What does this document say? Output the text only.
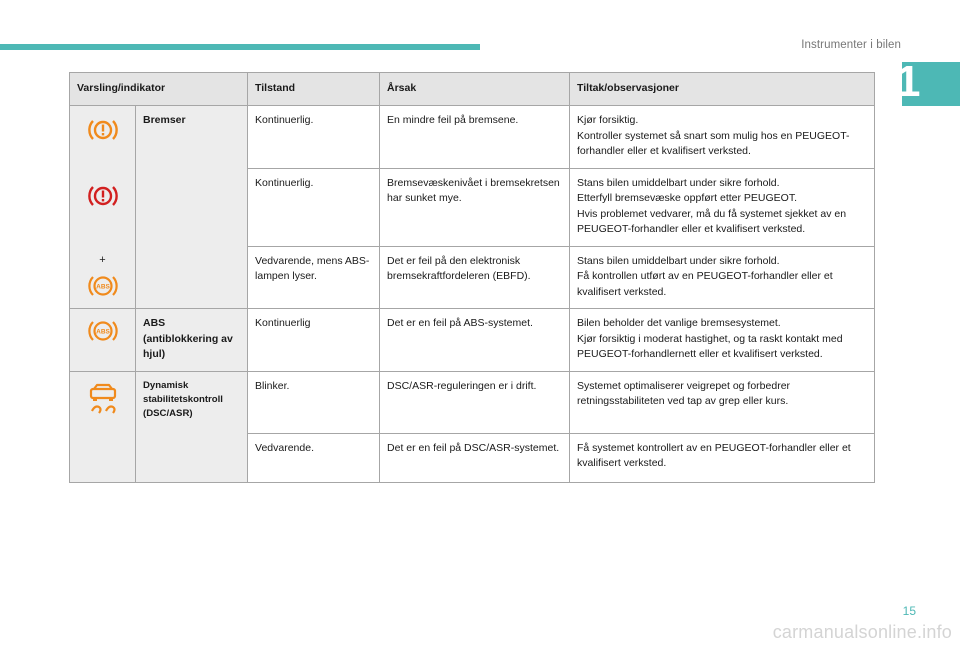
Instrumenter i bilen
1
Varsling/indikator		Tilstand	Årsak	Tiltak/observasjoner

+
ABS	Bremser	Kontinuerlig.	En mindre feil på bremsene.	Kjør forsiktig.
Kontroller systemet så snart som mulig hos en PEUGEOT-forhandler eller et kvalifisert verksted.
		Kontinuerlig.	Bremsevæskenivået i bremsekretsen har sunket mye.	Stans bilen umiddelbart under sikre forhold.
Etterfyll bremsevæske oppført etter PEUGEOT.
Hvis problemet vedvarer, må du få systemet sjekket av en PEUGEOT-forhandler eller et kvalifisert verksted.
		Vedvarende, mens ABS-lampen lyser.	Det er feil på den elektronisk bremsekraftfordeleren (EBFD).	Stans bilen umiddelbart under sikre forhold.
Få kontrollen utført av en PEUGEOT-forhandler eller et kvalifisert verksted.

ABS	ABS (antiblokkering av hjul)	Kontinuerlig	Det er en feil på ABS-systemet.	Bilen beholder det vanlige bremsesystemet.
Kjør forsiktig i moderat hastighet, og ta raskt kontakt med PEUGEOT-forhandlernett eller et kvalifisert verksted.

	Dynamisk stabilitetskontroll (DSC/ASR)	Blinker.	DSC/ASR-reguleringen er i drift.	Systemet optimaliserer veigrepet og forbedrer retningsstabiliteten ved tap av grep eller kurs.
		Vedvarende.	Det er en feil på DSC/ASR-systemet.	Få systemet kontrollert av en PEUGEOT-forhandler eller et kvalifisert verksted.
15
carmanualsonline.info
